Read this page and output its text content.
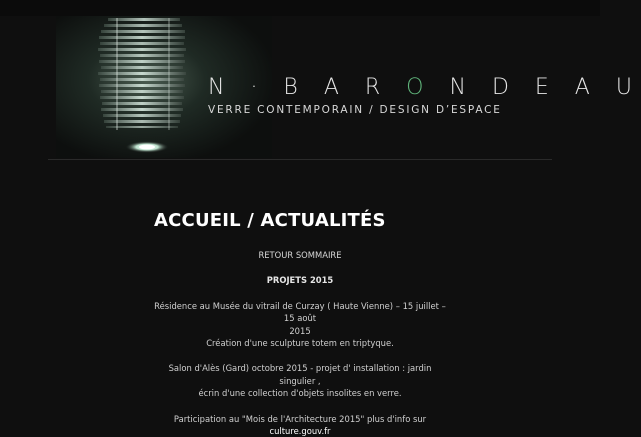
N · B A R O N D E A U
VERRE CONTEMPORAIN / DESIGN D’ESPACE
ACCUEIL / ACTUALITÉS

RETOUR SOMMAIRE

PROJETS 2015

Résidence au Musée du vitrail de Curzay ( Haute Vienne) – 15 juillet – 15 août
2015
Création d'une sculpture totem en triptyque.

Salon d'Alès (Gard) octobre 2015 - projet d' installation : jardin singulier ,
écrin d'une collection d'objets insolites en verre.

Participation au "Mois de l'Architecture 2015" plus d'info sur culture.gouv.fr
